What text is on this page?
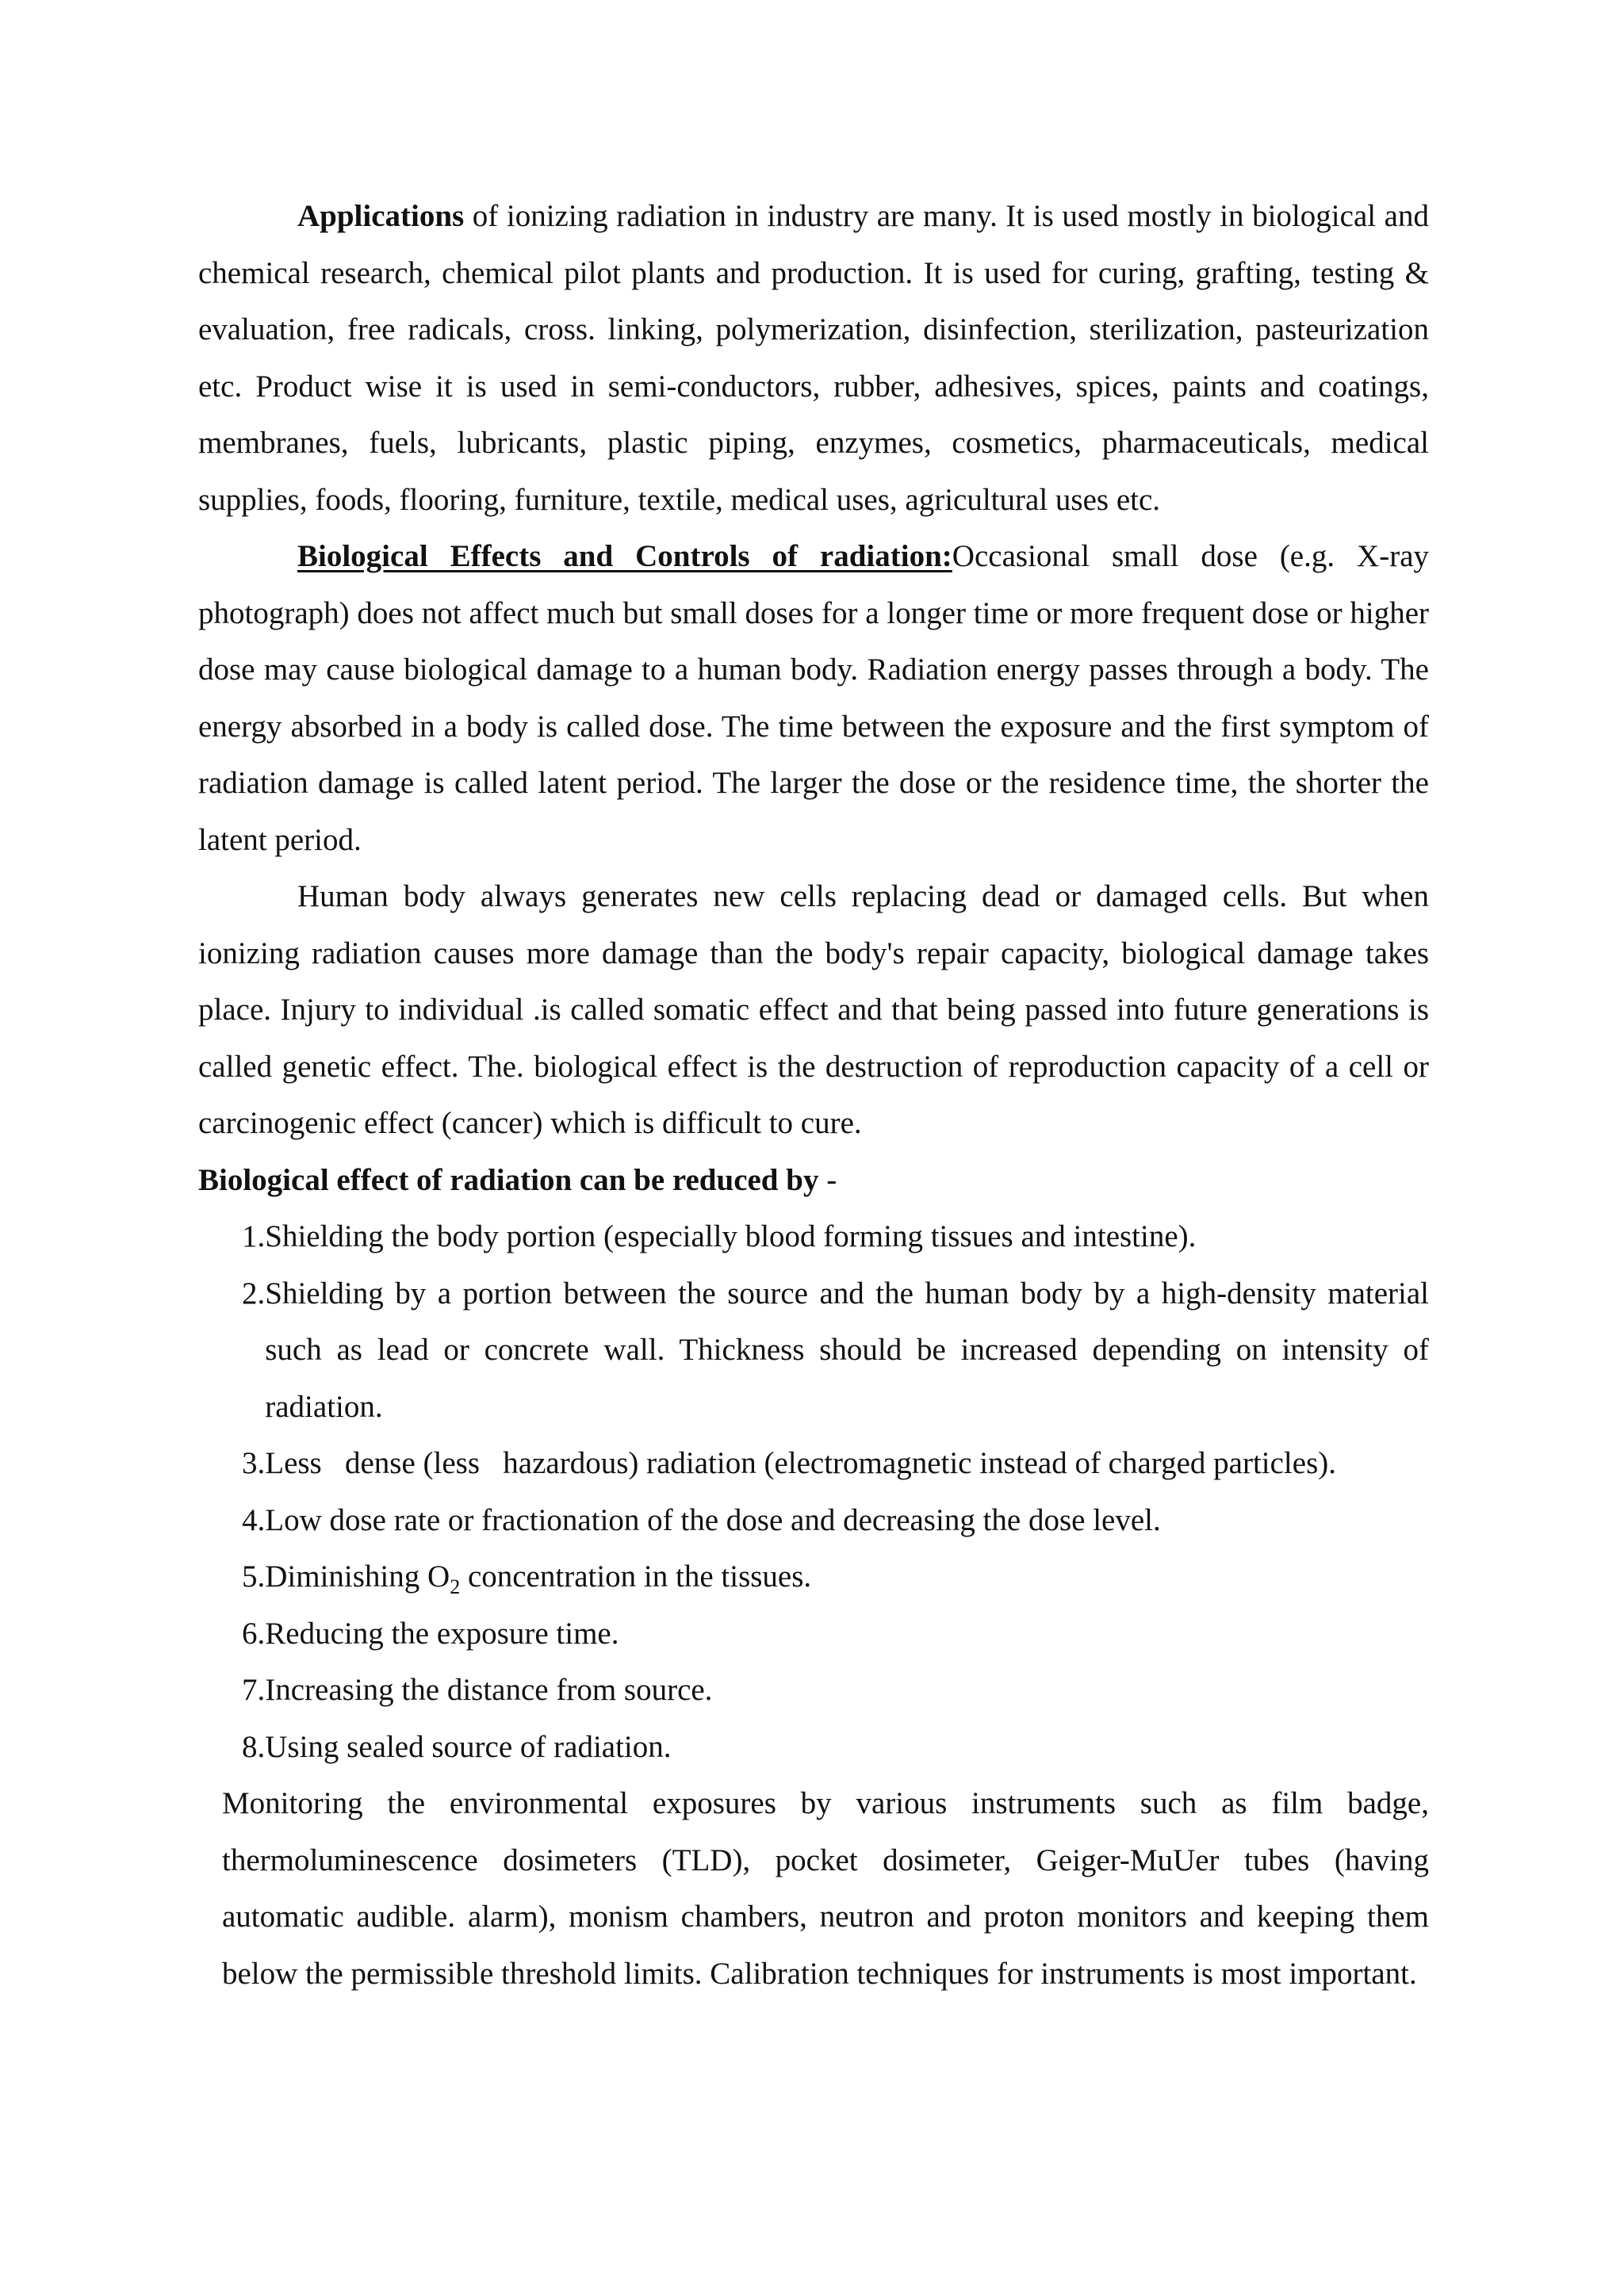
Applications of ionizing radiation in industry are many. It is used mostly in biological and chemical research, chemical pilot plants and production. It is used for curing, grafting, testing & evaluation, free radicals, cross. linking, polymerization, disinfection, sterilization, pasteurization etc. Product wise it is used in semi-conductors, rubber, adhesives, spices, paints and coatings, membranes, fuels, lubricants, plastic piping, enzymes, cosmetics, pharmaceuticals, medical supplies, foods, flooring, furniture, textile, medical uses, agricultural uses etc.

Biological Effects and Controls of radiation:Occasional small dose (e.g. X-ray photograph) does not affect much but small doses for a longer time or more frequent dose or higher dose may cause biological damage to a human body. Radiation energy passes through a body. The energy absorbed in a body is called dose. The time between the exposure and the first symptom of radiation damage is called latent period. The larger the dose or the residence time, the shorter the latent period.

Human body always generates new cells replacing dead or damaged cells. But when ionizing radiation causes more damage than the body's repair capacity, biological damage takes place. Injury to individual .is called somatic effect and that being passed into future generations is called genetic effect. The. biological effect is the destruction of reproduction capacity of a cell or carcinogenic effect (cancer) which is difficult to cure.

Biological effect of radiation can be reduced by -

1. Shielding the body portion (especially blood forming tissues and intestine).
2. Shielding by a portion between the source and the human body by a high-density material such as lead or concrete wall. Thickness should be increased depending on intensity of radiation.
3. Less   dense (less   hazardous) radiation (electromagnetic instead of charged particles).
4. Low dose rate or fractionation of the dose and decreasing the dose level.
5. Diminishing $O_2$ concentration in the tissues.
6. Reducing the exposure time.
7. Increasing the distance from source.
8. Using sealed source of radiation.

Monitoring the environmental exposures by various instruments such as film badge, thermoluminescence dosimeters (TLD), pocket dosimeter, Geiger-MuUer tubes (having automatic audible. alarm), monism chambers, neutron and proton monitors and keeping them below the permissible threshold limits. Calibration techniques for instruments is most important.
